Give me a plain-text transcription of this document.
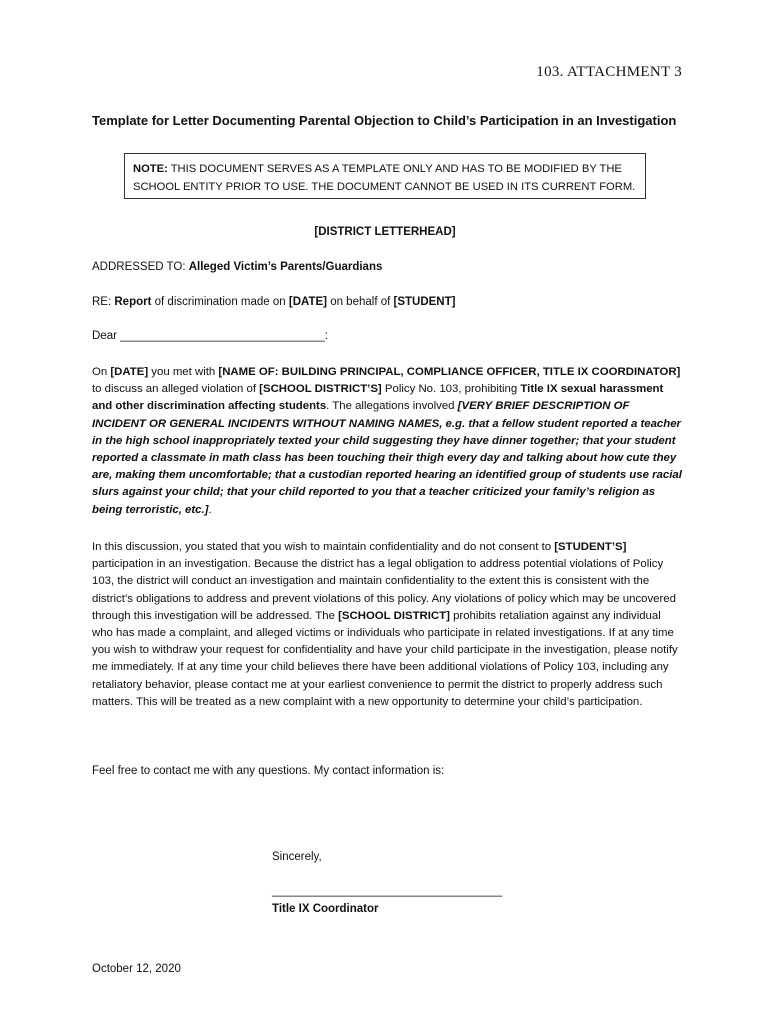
103. ATTACHMENT 3
Template for Letter Documenting Parental Objection to Child’s Participation in an Investigation
NOTE: THIS DOCUMENT SERVES AS A TEMPLATE ONLY AND HAS TO BE MODIFIED BY THE
SCHOOL ENTITY PRIOR TO USE. THE DOCUMENT CANNOT BE USED IN ITS CURRENT FORM.
[DISTRICT LETTERHEAD]
ADDRESSED TO: Alleged Victim’s Parents/Guardians
RE: Report of discrimination made on [DATE] on behalf of [STUDENT]
Dear ________________________________:
On [DATE] you met with [NAME OF: BUILDING PRINCIPAL, COMPLIANCE OFFICER, TITLE IX COORDINATOR] to discuss an alleged violation of [SCHOOL DISTRICT’S] Policy No. 103, prohibiting Title IX sexual harassment and other discrimination affecting students. The allegations involved [VERY BRIEF DESCRIPTION OF INCIDENT OR GENERAL INCIDENTS WITHOUT NAMING NAMES, e.g. that a fellow student reported a teacher in the high school inappropriately texted your child suggesting they have dinner together; that your student reported a classmate in math class has been touching their thigh every day and talking about how cute they are, making them uncomfortable; that a custodian reported hearing an identified group of students use racial slurs against your child; that your child reported to you that a teacher criticized your family’s religion as being terroristic, etc.].
In this discussion, you stated that you wish to maintain confidentiality and do not consent to [STUDENT’S] participation in an investigation. Because the district has a legal obligation to address potential violations of Policy 103, the district will conduct an investigation and maintain confidentiality to the extent this is consistent with the district’s obligations to address and prevent violations of this policy. Any violations of policy which may be uncovered through this investigation will be addressed. The [SCHOOL DISTRICT] prohibits retaliation against any individual who has made a complaint, and alleged victims or individuals who participate in related investigations. If at any time you wish to withdraw your request for confidentiality and have your child participate in the investigation, please notify me immediately. If at any time your child believes there have been additional violations of Policy 103, including any retaliatory behavior, please contact me at your earliest convenience to permit the district to properly address such matters. This will be treated as a new complaint with a new opportunity to determine your child’s participation.
Feel free to contact me with any questions. My contact information is:
Sincerely,
____________________________________
Title IX Coordinator
October 12, 2020
